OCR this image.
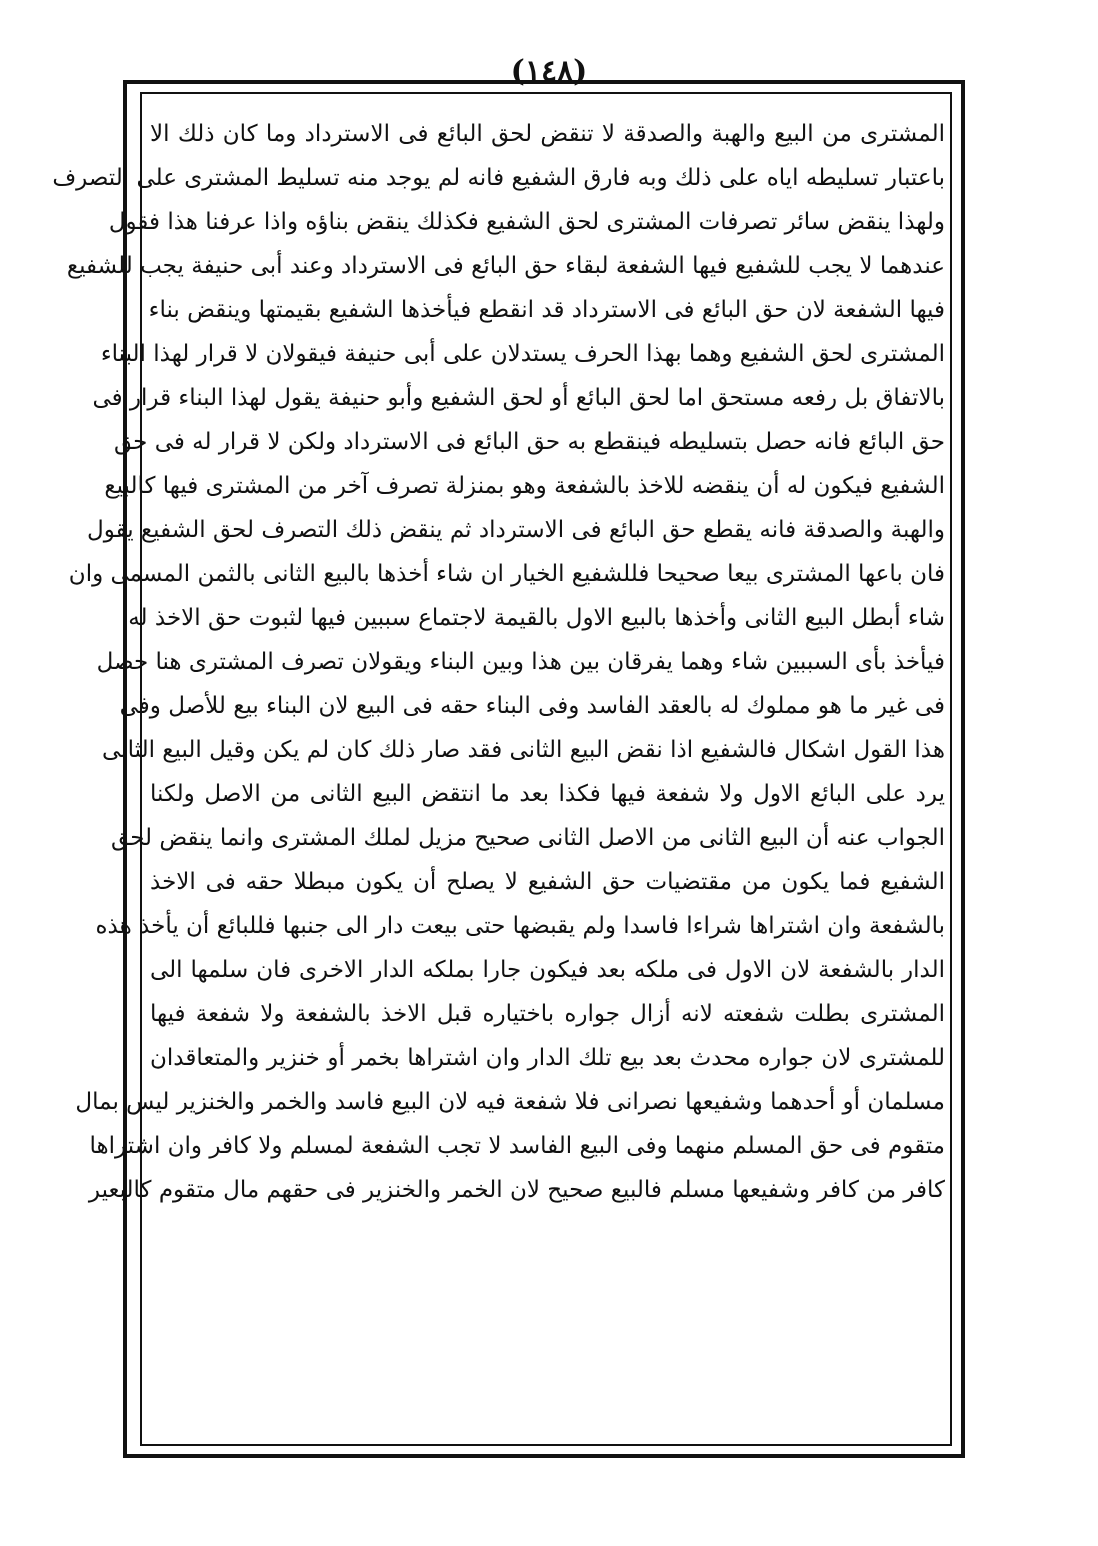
(١٤٨)
المشترى من البيع والهبة والصدقة لا تنقض لحق البائع فى الاسترداد وما كان ذلك الا
باعتبار تسليطه اياه على ذلك وبه فارق الشفيع فانه لم يوجد منه تسليط المشترى على التصرف
ولهذا ينقض سائر تصرفات المشترى لحق الشفيع فكذلك ينقض بناؤه واذا عرفنا هذا فقول
عندهما لا يجب للشفيع فيها الشفعة لبقاء حق البائع فى الاسترداد وعند أبى حنيفة يجب للشفيع
فيها الشفعة لان حق البائع فى الاسترداد قد انقطع فيأخذها الشفيع بقيمتها وينقض بناء
المشترى لحق الشفيع وهما بهذا الحرف يستدلان على أبى حنيفة فيقولان لا قرار لهذا البناء
بالاتفاق بل رفعه مستحق اما لحق البائع أو لحق الشفيع وأبو حنيفة يقول لهذا البناء قرار فى
حق البائع فانه حصل بتسليطه فينقطع به حق البائع فى الاسترداد ولكن لا قرار له فى حق
الشفيع فيكون له أن ينقضه للاخذ بالشفعة وهو بمنزلة تصرف آخر من المشترى فيها كالبيع
والهبة والصدقة فانه يقطع حق البائع فى الاسترداد ثم ينقض ذلك التصرف لحق الشفيع يقول
فان باعها المشترى بيعا صحيحا فللشفيع الخيار ان شاء أخذها بالبيع الثانى بالثمن المسمى وان
شاء أبطل البيع الثانى وأخذها بالبيع الاول بالقيمة لاجتماع سببين فيها لثبوت حق الاخذ له
فيأخذ بأى السببين شاء وهما يفرقان بين هذا وبين البناء ويقولان تصرف المشترى هنا حصل
فى غير ما هو مملوك له بالعقد الفاسد وفى البناء حقه فى البيع لان البناء بيع للأصل وفى
هذا القول اشكال فالشفيع اذا نقض البيع الثانى فقد صار ذلك كان لم يكن وقيل البيع الثانى
يرد على البائع الاول ولا شفعة فيها فكذا بعد ما انتقض البيع الثانى من الاصل ولكنا
الجواب عنه أن البيع الثانى من الاصل الثانى صحيح مزيل لملك المشترى وانما ينقض لحق
الشفيع فما يكون من مقتضيات حق الشفيع لا يصلح أن يكون مبطلا حقه فى الاخذ
بالشفعة وان اشتراها شراءا فاسدا ولم يقبضها حتى بيعت دار الى جنبها فللبائع أن يأخذ هذه
الدار بالشفعة لان الاول فى ملكه بعد فيكون جارا بملكه الدار الاخرى فان سلمها الى
المشترى بطلت شفعته لانه أزال جواره باختياره قبل الاخذ بالشفعة ولا شفعة فيها
للمشترى لان جواره محدث بعد بيع تلك الدار وان اشتراها بخمر أو خنزير والمتعاقدان
مسلمان أو أحدهما وشفيعها نصرانى فلا شفعة فيه لان البيع فاسد والخمر والخنزير ليس بمال
متقوم فى حق المسلم منهما وفى البيع الفاسد لا تجب الشفعة لمسلم ولا كافر وان اشتراها
كافر من كافر وشفيعها مسلم فالبيع صحيح لان الخمر والخنزير فى حقهم مال متقوم كالبعير
